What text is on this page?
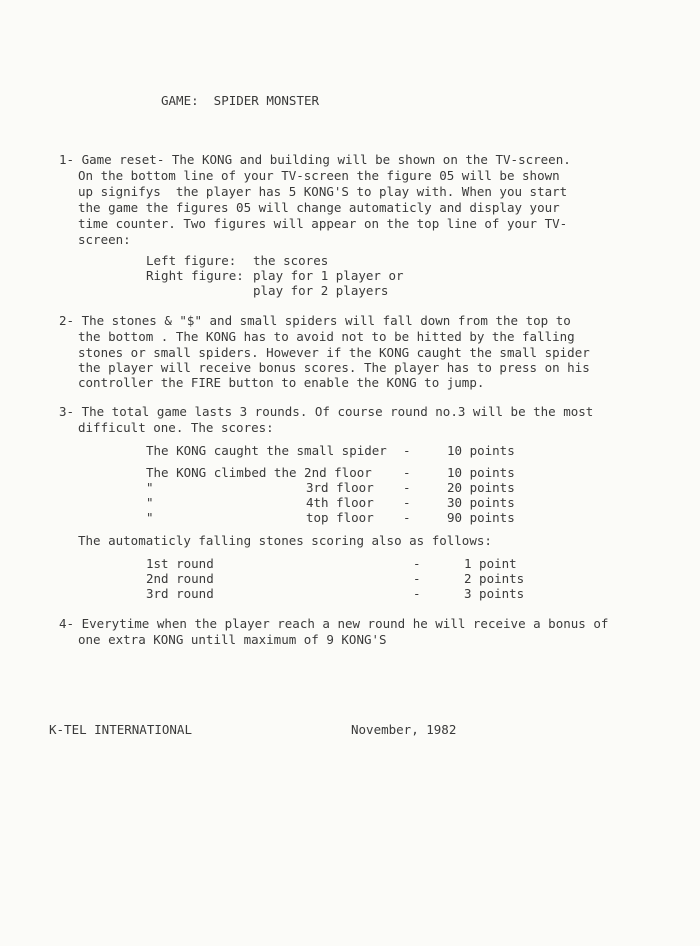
GAME:  SPIDER MONSTER
1- Game reset- The KONG and building will be shown on the TV-screen.
On the bottom line of your TV-screen the figure 05 will be shown
up signifys  the player has 5 KONG'S to play with. When you start
the game the figures 05 will change automaticly and display your
time counter. Two figures will appear on the top line of your TV-
screen:
Left figure: the scores
Right figure: play for 1 player or
play for 2 players
2- The stones & "$" and small spiders will fall down from the top to
the bottom . The KONG has to avoid not to be hitted by the falling
stones or small spiders. However if the KONG caught the small spider
the player will receive bonus scores. The player has to press on his
controller the FIRE button to enable the KONG to jump.
3- The total game lasts 3 rounds. Of course round no.3 will be the most
difficult one. The scores:
The KONG caught the small spider -	10 points
The KONG climbed the 2nd floor -	10 points
"	3rd floor -	20 points
"	4th floor -	30 points
"	top floor -	90 points
The automaticly falling stones scoring also as follows:
1st round	-	1 point
2nd round	-	2 points
3rd round	-	3 points
4- Everytime when the player reach a new round he will receive a bonus of
one extra KONG untill maximum of 9 KONG'S
K-TEL INTERNATIONAL	November, 1982
